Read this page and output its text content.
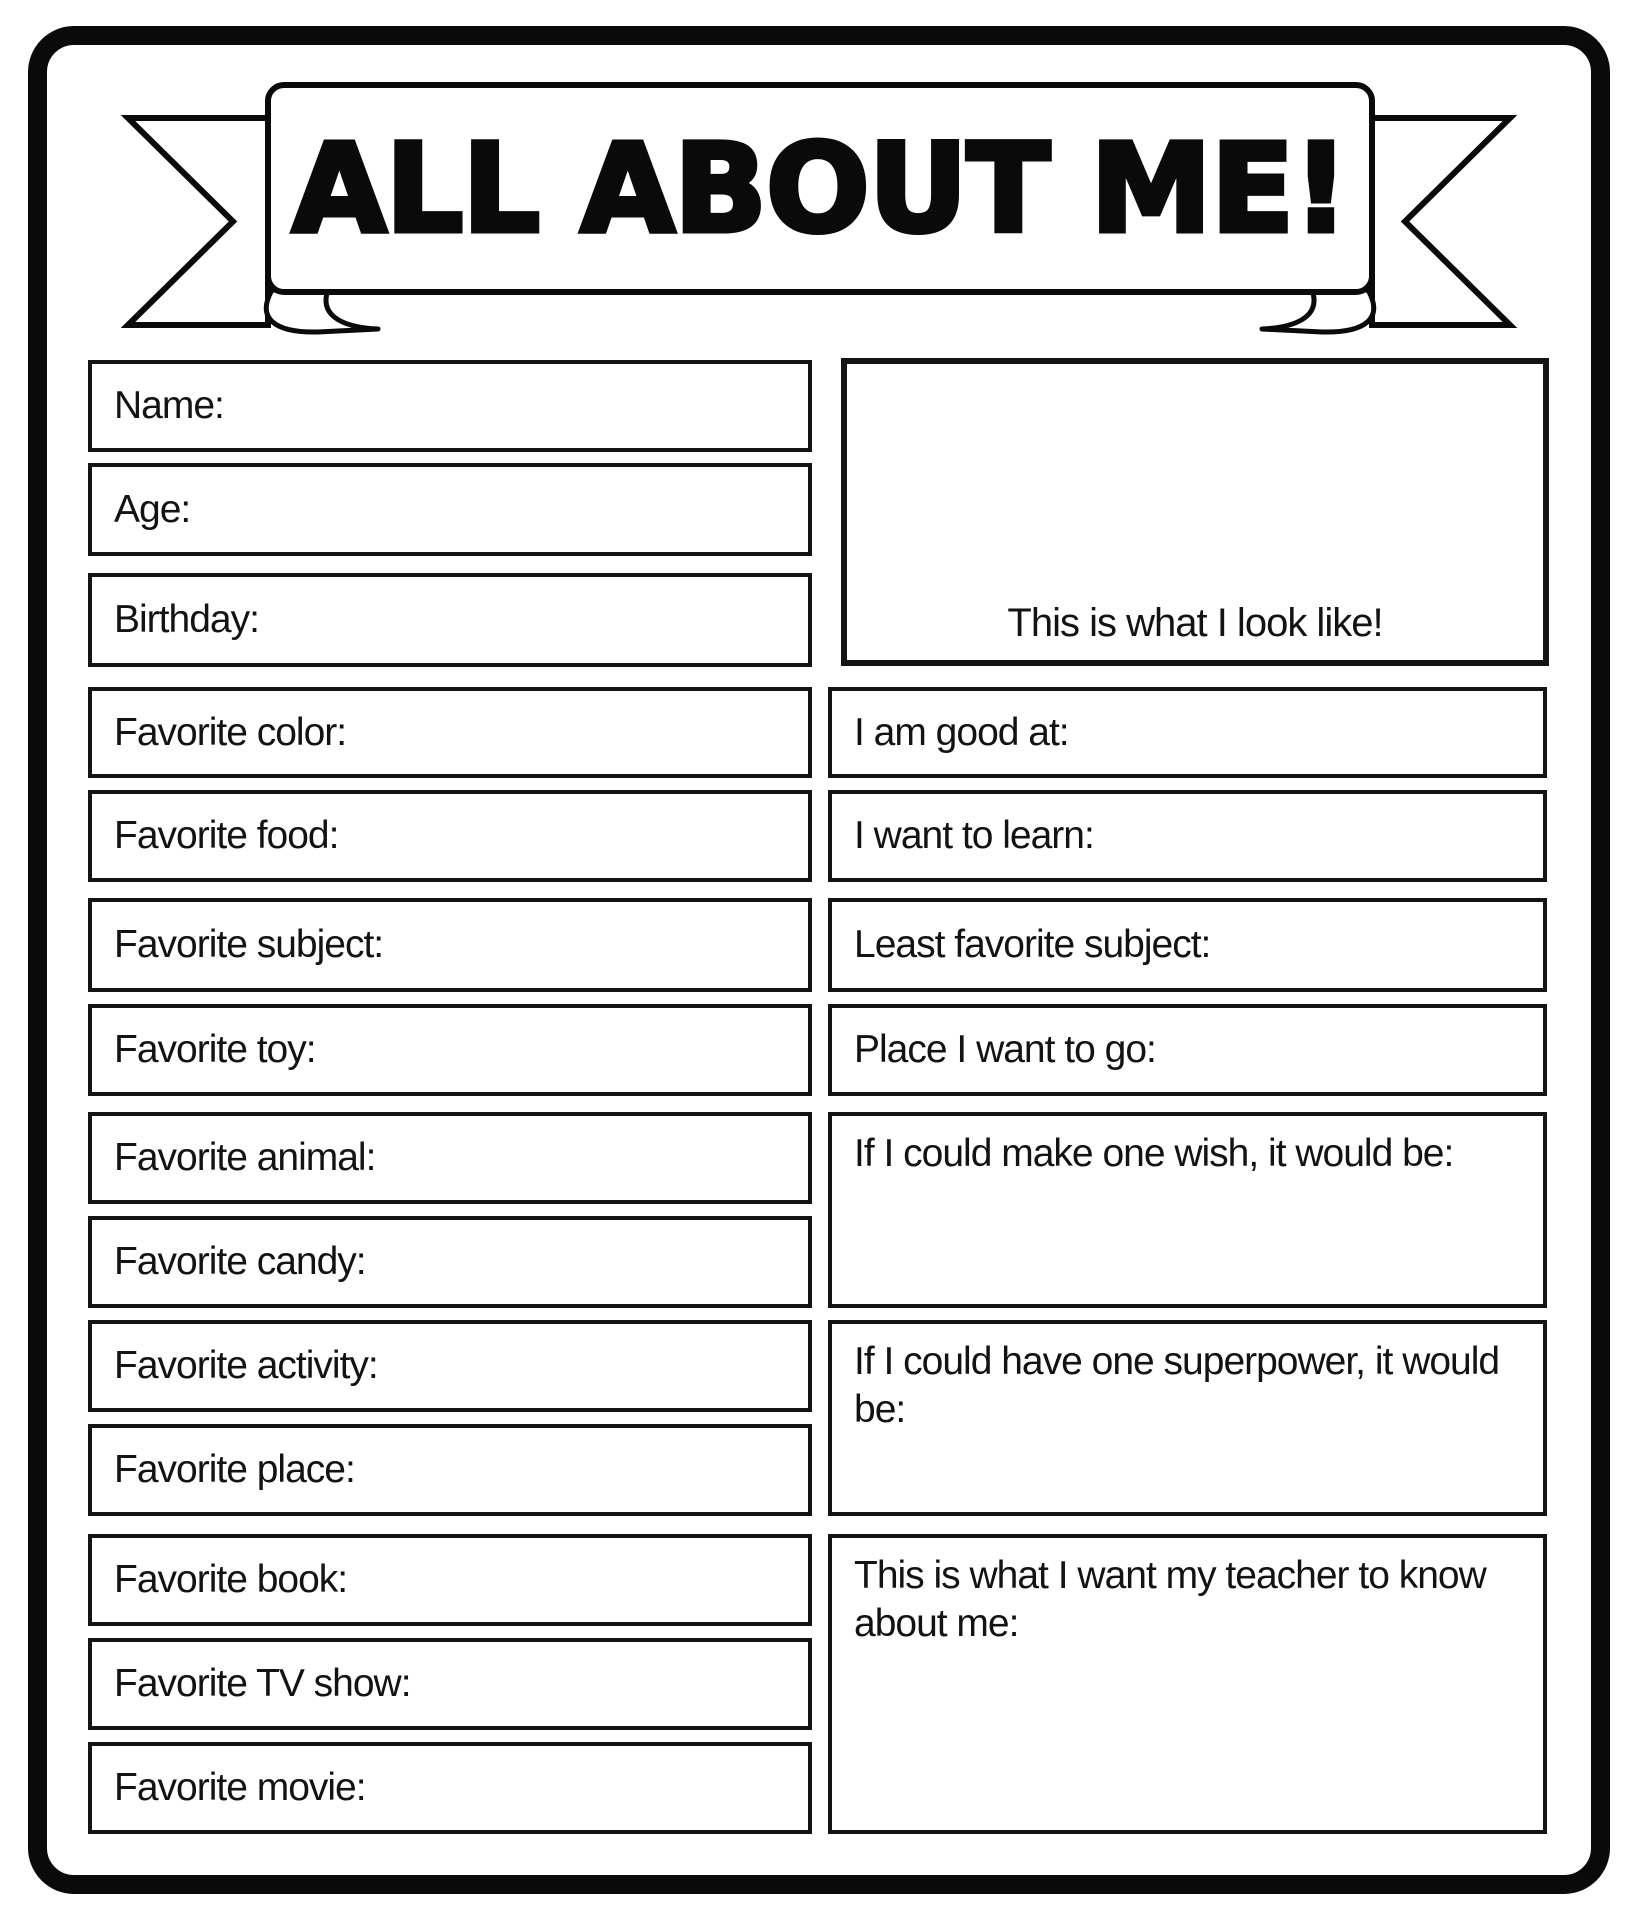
ALL ABOUT ME!
Name:
Age:
Birthday:
Favorite color:
Favorite food:
Favorite subject:
Favorite toy:
Favorite animal:
Favorite candy:
Favorite activity:
Favorite place:
Favorite book:
Favorite TV show:
Favorite movie:
This is what I look like!
I am good at:
I want to learn:
Least favorite subject:
Place I want to go:
If I could make one wish, it would be:
If I could have one superpower, it would be:
This is what I want my teacher to know about me:
